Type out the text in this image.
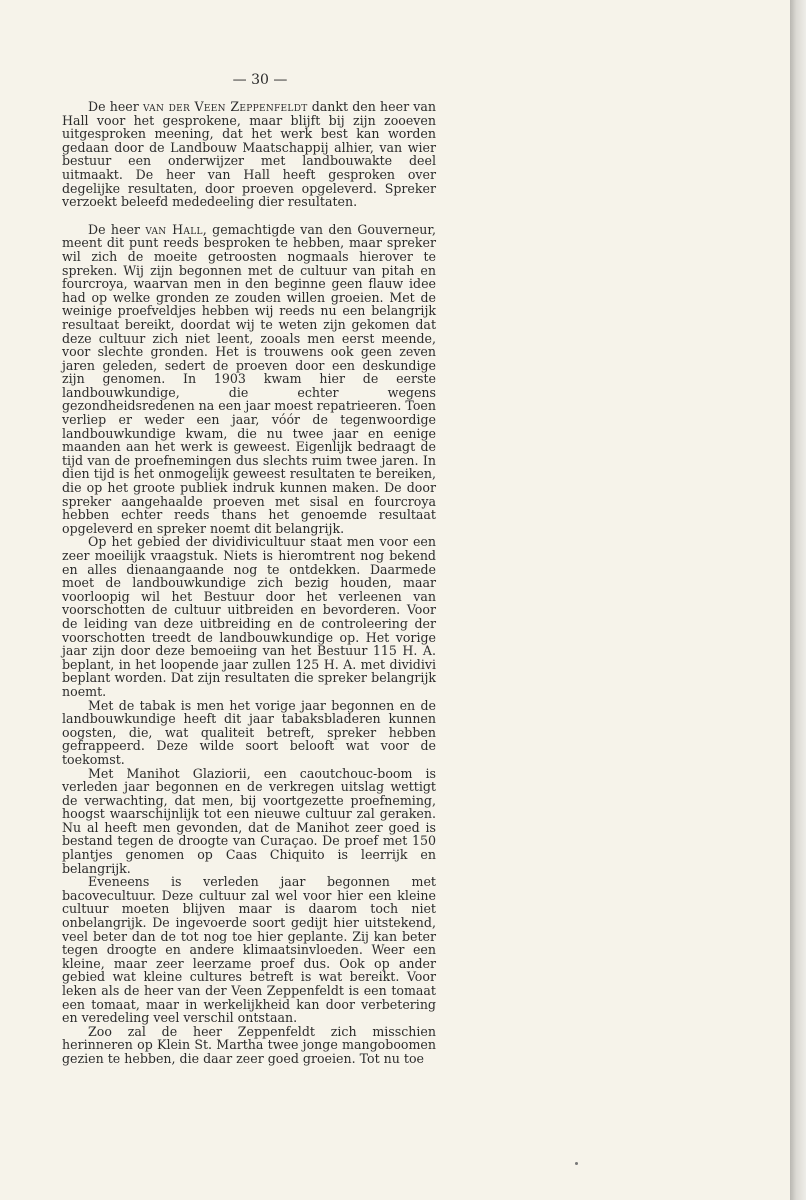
— 30 —

De heer van der Veen Zeppenfeldt dankt den heer van Hall voor het gesprokene, maar blijft bij zijn zooeven uitgesproken meening, dat het werk best kan worden gedaan door de Landbouw Maatschappij alhier, van wier bestuur een onderwijzer met landbouwakte deel uitmaakt. De heer van Hall heeft gesproken over degelijke resultaten, door proeven opgeleverd. Spreker verzoekt beleefd mededeeling dier resultaten.

De heer van Hall, gemachtigde van den Gouverneur, meent dit punt reeds besproken te hebben, maar spreker wil zich de moeite getroosten nogmaals hierover te spreken. Wij zijn begonnen met de cultuur van pitah en fourcroya, waarvan men in den beginne geen flauw idee had op welke gronden ze zouden willen groeien. Met de weinige proefveldjes hebben wij reeds nu een belangrijk resultaat bereikt, doordat wij te weten zijn gekomen dat deze cultuur zich niet leent, zooals men eerst meende, voor slechte gronden. Het is trouwens ook geen zeven jaren geleden, sedert de proeven door een deskundige zijn genomen. In 1903 kwam hier de eerste landbouwkundige, die echter wegens gezondheidsredenen na een jaar moest repatrieeren. Toen verliep er weder een jaar, vóór de tegenwoordige landbouwkundige kwam, die nu twee jaar en eenige maanden aan het werk is geweest. Eigenlijk bedraagt de tijd van de proefnemingen dus slechts ruim twee jaren. In dien tijd is het onmogelijk geweest resultaten te bereiken, die op het groote publiek indruk kunnen maken. De door spreker aangehaalde proeven met sisal en fourcroya hebben echter reeds thans het genoemde resultaat opgeleverd en spreker noemt dit belangrijk.

Op het gebied der dividivicultuur staat men voor een zeer moeilijk vraagstuk. Niets is hieromtrent nog bekend en alles dienaangaande nog te ontdekken. Daarmede moet de landbouwkundige zich bezig houden, maar voorloopig wil het Bestuur door het verleenen van voorschotten de cultuur uitbreiden en bevorderen. Voor de leiding van deze uitbreiding en de controleering der voorschotten treedt de landbouwkundige op. Het vorige jaar zijn door deze bemoeiing van het Bestuur 115 H. A. beplant, in het loopende jaar zullen 125 H. A. met dividivi beplant worden. Dat zijn resultaten die spreker belangrijk noemt.

Met de tabak is men het vorige jaar begonnen en de landbouwkundige heeft dit jaar tabaksbladeren kunnen oogsten, die, wat qualiteit betreft, spreker hebben gefrappeerd. Deze wilde soort belooft wat voor de toekomst.

Met Manihot Glaziorii, een caoutchouc-boom is verleden jaar begonnen en de verkregen uitslag wettigt de verwachting, dat men, bij voortgezette proefneming, hoogst waarschijnlijk tot een nieuwe cultuur zal geraken. Nu al heeft men gevonden, dat de Manihot zeer goed is bestand tegen de droogte van Curaçao. De proef met 150 plantjes genomen op Caas Chiquito is leerrijk en belangrijk.

Eveneens is verleden jaar begonnen met bacovecultuur. Deze cultuur zal wel voor hier een kleine cultuur moeten blijven maar is daarom toch niet onbelangrijk. De ingevoerde soort gedijt hier uitstekend, veel beter dan de tot nog toe hier geplante. Zij kan beter tegen droogte en andere klimaatsinvloeden. Weer een kleine, maar zeer leerzame proef dus. Ook op ander gebied wat kleine cultures betreft is wat bereikt. Voor leken als de heer van der Veen Zeppenfeldt is een tomaat een tomaat, maar in werkelijkheid kan door verbetering en veredeling veel verschil ontstaan.

Zoo zal de heer Zeppenfeldt zich misschien herinneren op Klein St. Martha twee jonge mangoboomen gezien te hebben, die daar zeer goed groeien. Tot nu toe
